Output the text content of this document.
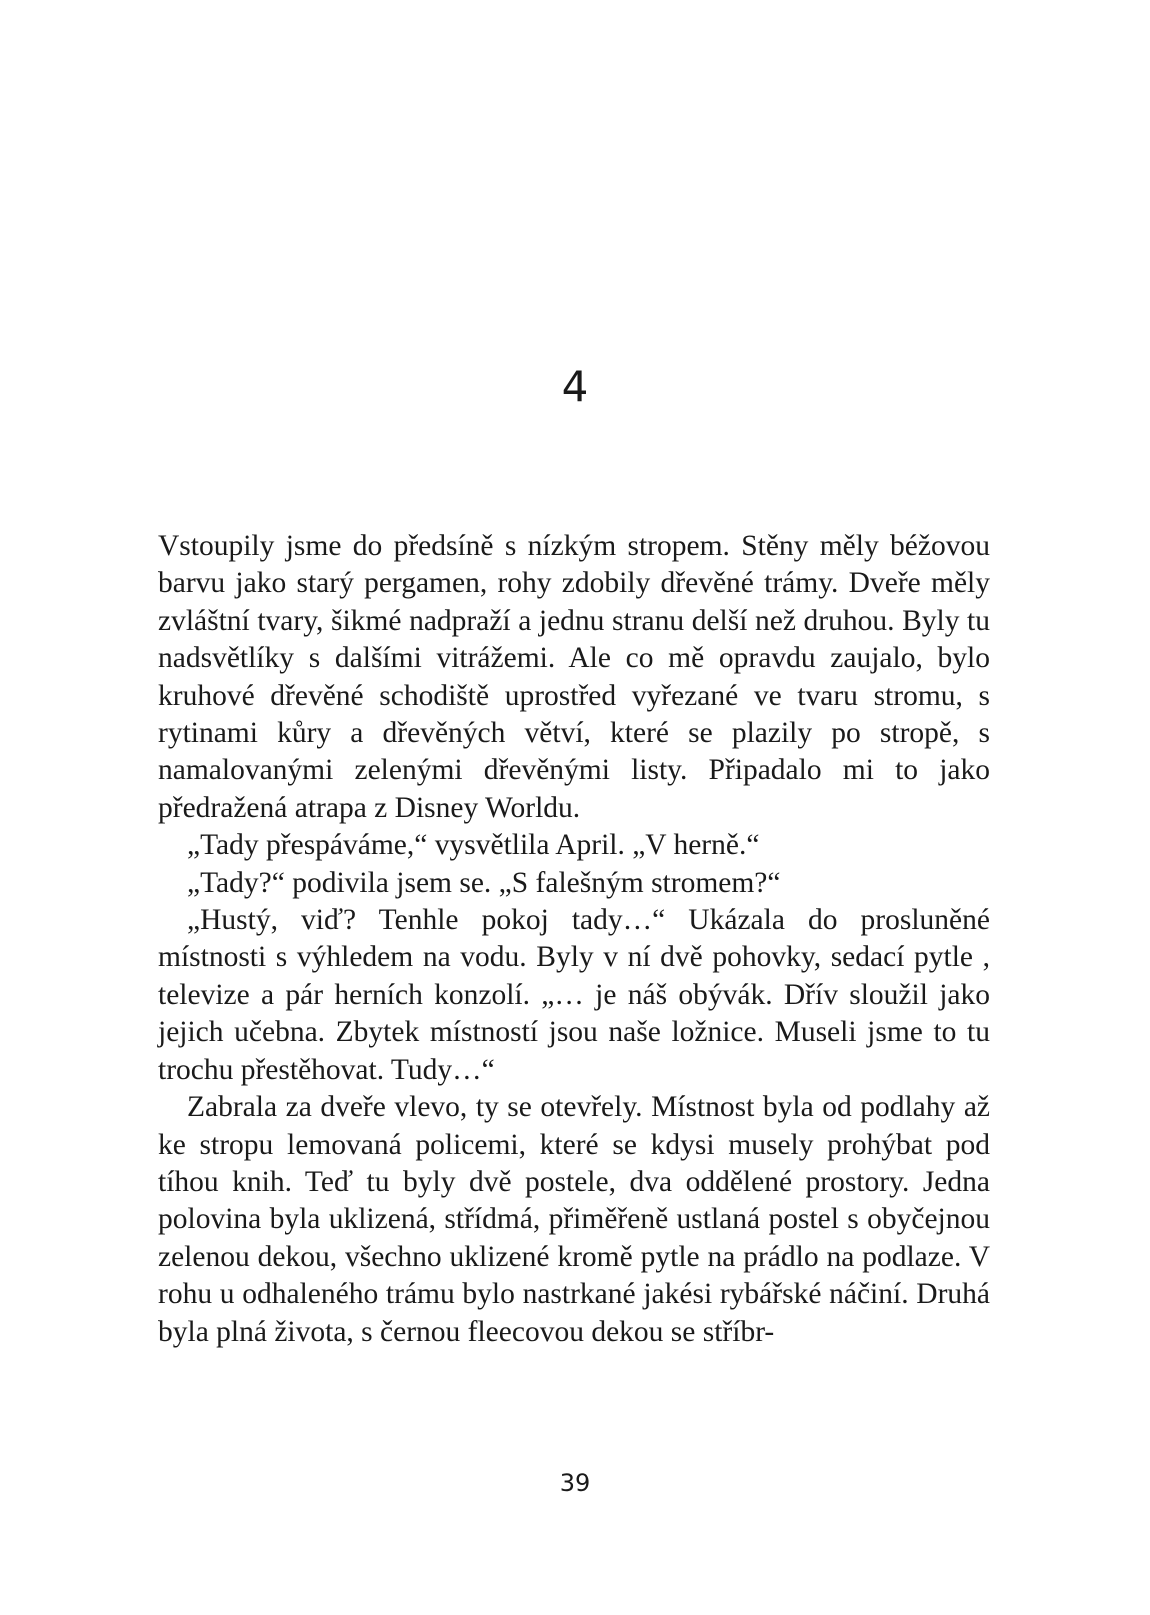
4

Vstoupily jsme do předsíně s nízkým stropem. Stěny měly béžovou barvu jako starý pergamen, rohy zdobily dřevěné trámy. Dveře měly zvláštní tvary, šikmé nadpraží a jednu stranu delší než druhou. Byly tu nadsvětlíky s dalšími vitrážemi. Ale co mě opravdu zaujalo, bylo kruhové dřevěné schodiště uprostřed vyřezané ve tvaru stromu, s rytinami kůry a dřevěných větví, které se plazily po stropě, s namalovanými zelenými dřevěnými listy. Připadalo mi to jako předražená atrapa z Disney Worldu.

„Tady přespáváme,“ vysvětlila April. „V herně.“

„Tady?“ podivila jsem se. „S falešným stromem?“

„Hustý, viď? Tenhle pokoj tady…“ Ukázala do prosluněné místnosti s výhledem na vodu. Byly v ní dvě pohovky, sedací pytle , televize a pár herních konzolí. „… je náš obývák. Dřív sloužil jako jejich učebna. Zbytek místností jsou naše ložnice. Museli jsme to tu trochu přestěhovat. Tudy…“

Zabrala za dveře vlevo, ty se otevřely. Místnost byla od podlahy až ke stropu lemovaná policemi, které se kdysi musely prohýbat pod tíhou knih. Teď tu byly dvě postele, dva oddělené prostory. Jedna polovina byla uklizená, střídmá, přiměřeně ustlaná postel s obyčejnou zelenou dekou, všechno uklizené kromě pytle na prádlo na podlaze. V rohu u odhaleného trámu bylo nastrkané jakési rybářské náčiní. Druhá byla plná života, s černou fleecovou dekou se stříbr-

39
